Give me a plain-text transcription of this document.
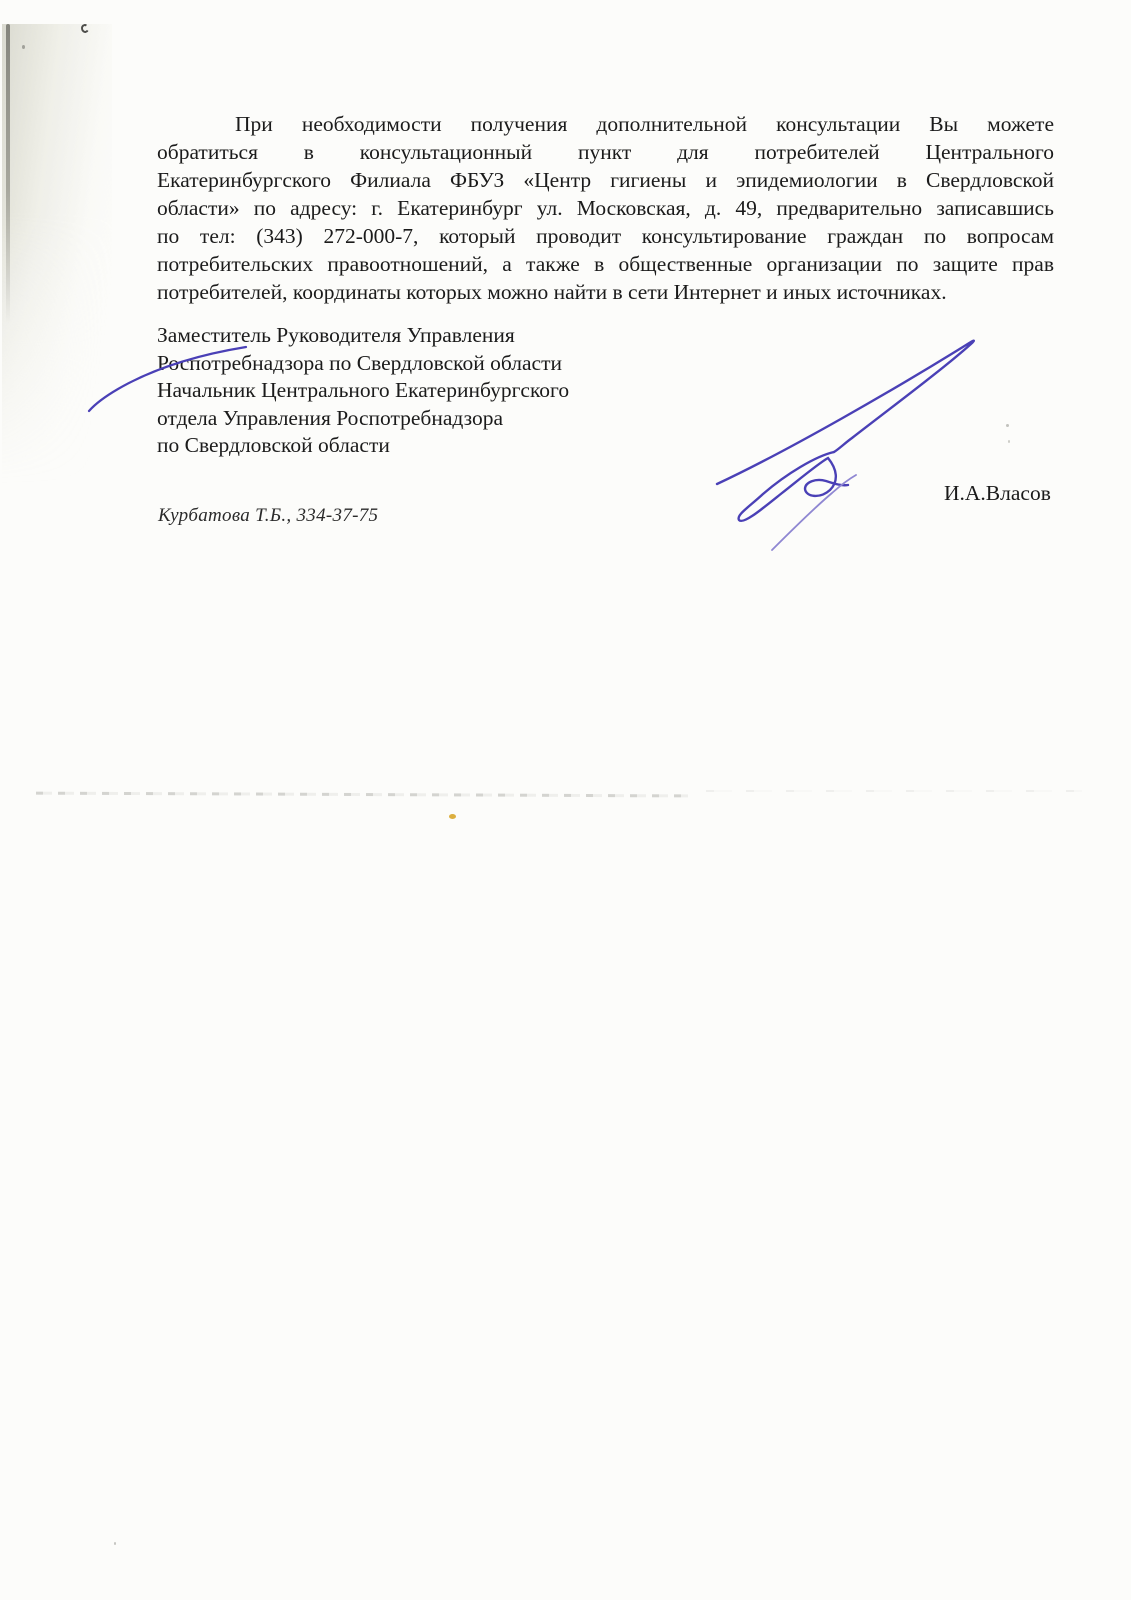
При необходимости получения дополнительной консультации Вы можете
обратиться в консультационный пункт для потребителей Центрального
Екатеринбургского Филиала ФБУЗ «Центр гигиены и эпидемиологии в Свердловской
области» по адресу: г. Екатеринбург ул. Московская, д. 49, предварительно записавшись
по тел: (343) 272-000-7, который проводит консультирование граждан по вопросам
потребительских правоотношений, а также в общественные организации по защите прав
потребителей, координаты которых можно найти в сети Интернет и иных источниках.
Заместитель Руководителя Управления
Роспотребнадзора по Свердловской области
Начальник Центрального Екатеринбургского
отдела Управления Роспотребнадзора
по Свердловской области
И.А.Власов
Курбатова Т.Б., 334-37-75
